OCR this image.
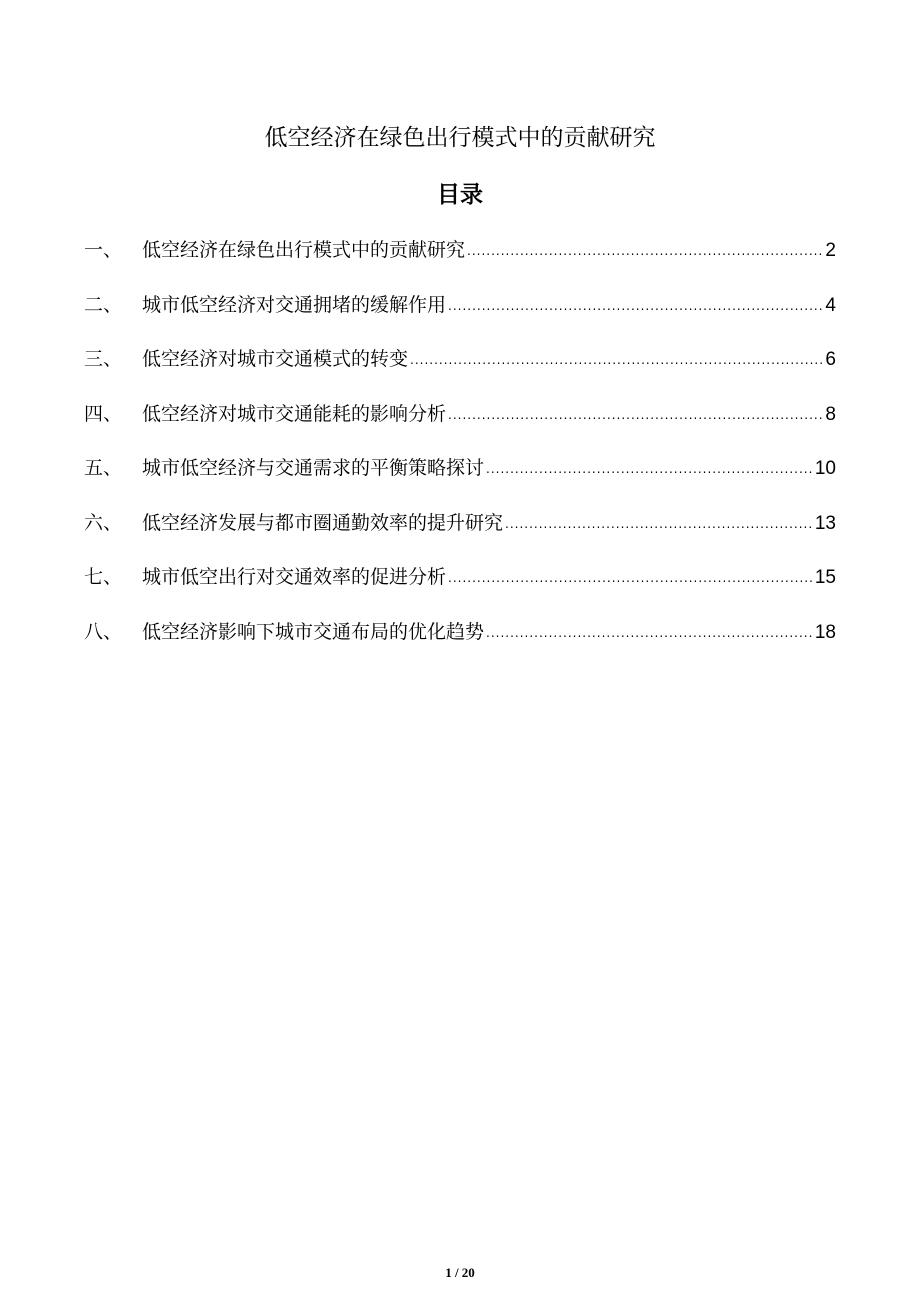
低空经济在绿色出行模式中的贡献研究
目录
一、	低空经济在绿色出行模式中的贡献研究 .....	2
二、	城市低空经济对交通拥堵的缓解作用 .....	4
三、	低空经济对城市交通模式的转变 .....	6
四、	低空经济对城市交通能耗的影响分析 .....	8
五、	城市低空经济与交通需求的平衡策略探讨 .....	10
六、	低空经济发展与都市圈通勤效率的提升研究 .....	13
七、	城市低空出行对交通效率的促进分析 .....	15
八、	低空经济影响下城市交通布局的优化趋势 .....	18
1 / 20
